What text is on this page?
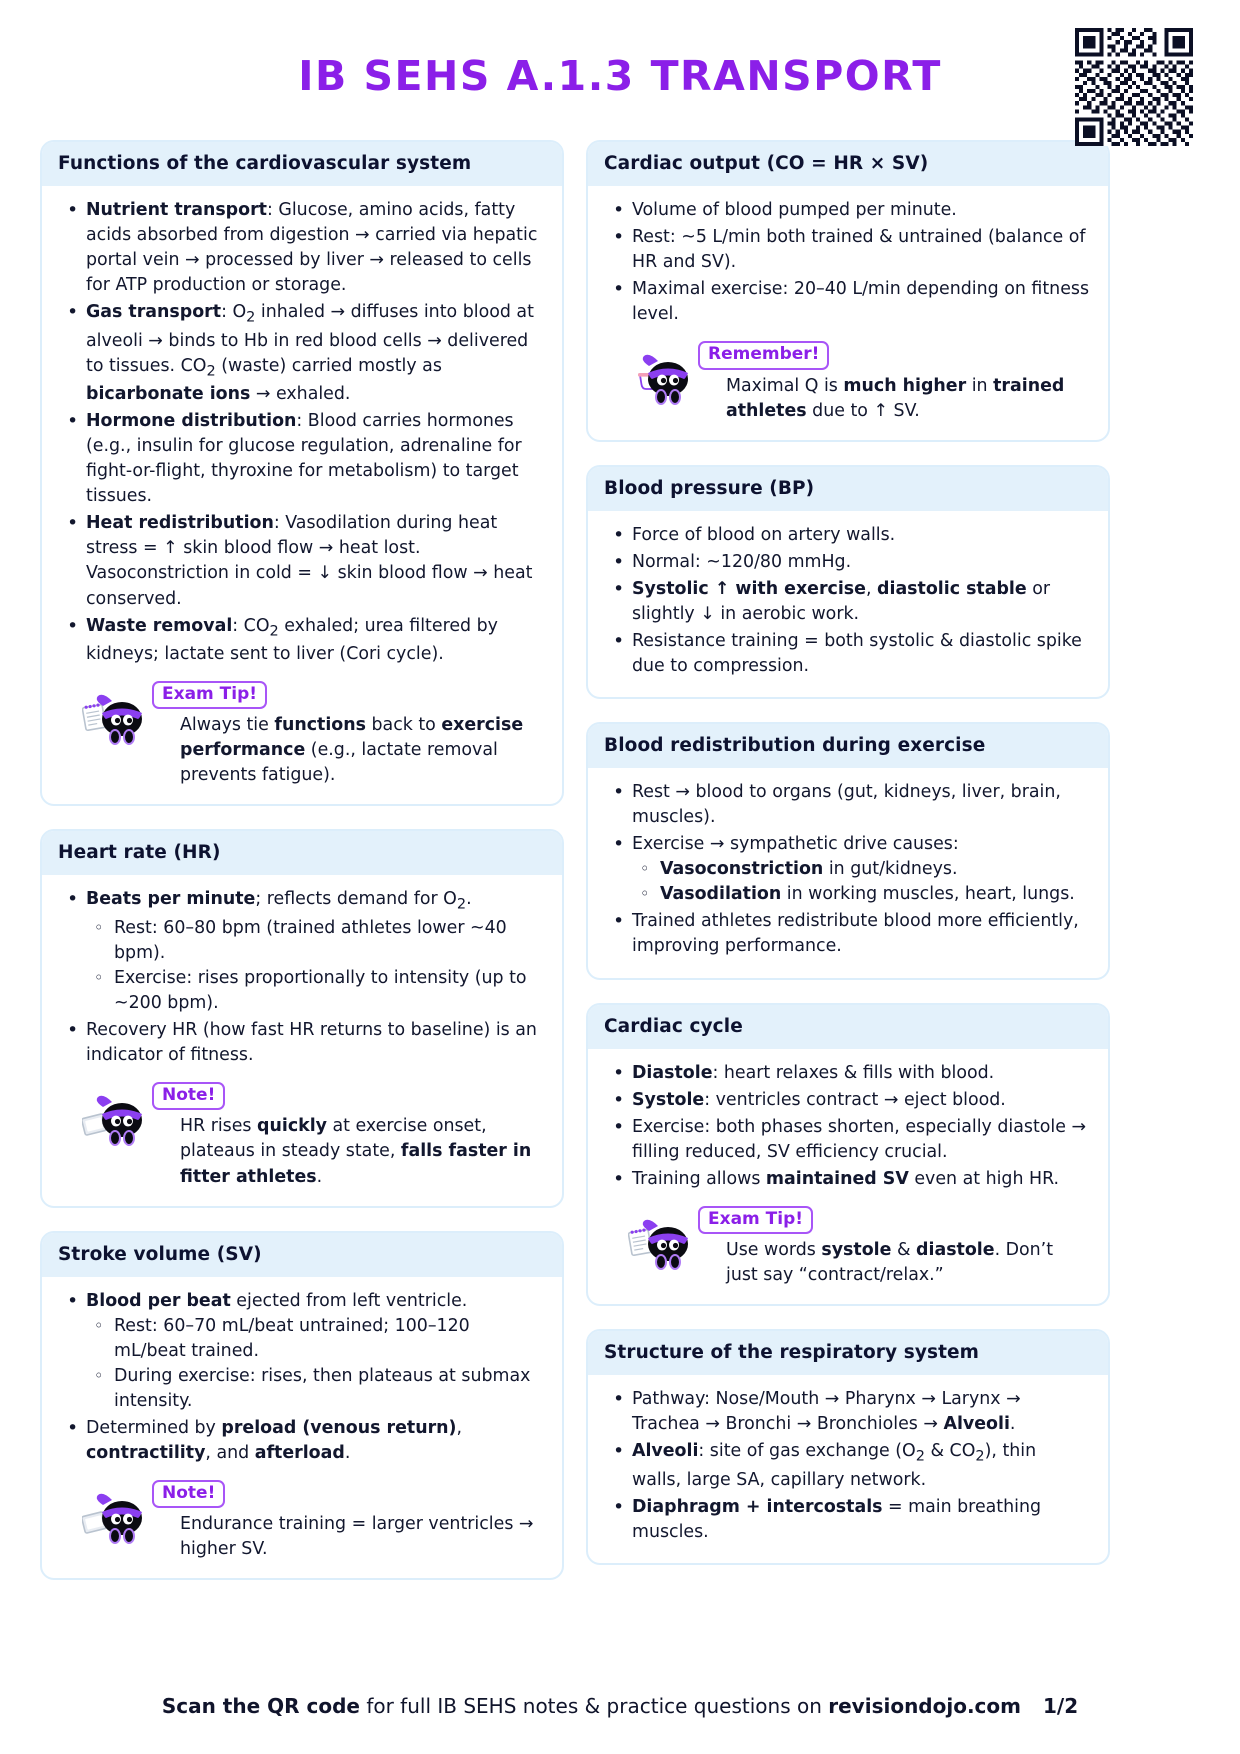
IB SEHS A.1.3 TRANSPORT
Functions of the cardiovascular system
• Nutrient transport: Glucose, amino acids, fatty acids absorbed from digestion → carried via hepatic portal vein → processed by liver → released to cells for ATP production or storage.
• Gas transport: $O_2$ inhaled → diffuses into blood at alveoli → binds to Hb in red blood cells → delivered to tissues. $CO_2$ (waste) carried mostly as bicarbonate ions → exhaled.
• Hormone distribution: Blood carries hormones (e.g., insulin for glucose regulation, adrenaline for fight-or-flight, thyroxine for metabolism) to target tissues.
• Heat redistribution: Vasodilation during heat stress = ↑ skin blood flow → heat lost. Vasoconstriction in cold = ↓ skin blood flow → heat conserved.
• Waste removal: $CO_2$ exhaled; urea filtered by kidneys; lactate sent to liver (Cori cycle).
Exam Tip!
Always tie functions back to exercise performance (e.g., lactate removal prevents fatigue).
Heart rate (HR)
• Beats per minute; reflects demand for $O_2$.
◦ Rest: 60–80 bpm (trained athletes lower ~40 bpm).
◦ Exercise: rises proportionally to intensity (up to ~200 bpm).
• Recovery HR (how fast HR returns to baseline) is an indicator of fitness.
Note!
HR rises quickly at exercise onset, plateaus in steady state, falls faster in fitter athletes.
Stroke volume (SV)
• Blood per beat ejected from left ventricle.
◦ Rest: 60–70 mL/beat untrained; 100–120 mL/beat trained.
◦ During exercise: rises, then plateaus at submax intensity.
• Determined by preload (venous return), contractility, and afterload.
Note!
Endurance training = larger ventricles → higher SV.
Cardiac output (CO = HR × SV)
• Volume of blood pumped per minute.
• Rest: ~5 L/min both trained & untrained (balance of HR and SV).
• Maximal exercise: 20–40 L/min depending on fitness level.
Remember!
Maximal Q is much higher in trained athletes due to ↑ SV.
Blood pressure (BP)
• Force of blood on artery walls.
• Normal: ~120/80 mmHg.
• Systolic ↑ with exercise, diastolic stable or slightly ↓ in aerobic work.
• Resistance training = both systolic & diastolic spike due to compression.
Blood redistribution during exercise
• Rest → blood to organs (gut, kidneys, liver, brain, muscles).
• Exercise → sympathetic drive causes:
◦ Vasoconstriction in gut/kidneys.
◦ Vasodilation in working muscles, heart, lungs.
• Trained athletes redistribute blood more efficiently, improving performance.
Cardiac cycle
• Diastole: heart relaxes & fills with blood.
• Systole: ventricles contract → eject blood.
• Exercise: both phases shorten, especially diastole → filling reduced, SV efficiency crucial.
• Training allows maintained SV even at high HR.
Exam Tip!
Use words systole & diastole. Don’t just say “contract/relax.”
Structure of the respiratory system
• Pathway: Nose/Mouth → Pharynx → Larynx → Trachea → Bronchi → Bronchioles → Alveoli.
• Alveoli: site of gas exchange ($O_2$ & $CO_2$), thin walls, large SA, capillary network.
• Diaphragm + intercostals = main breathing muscles.
Scan the QR code for full IB SEHS notes & practice questions on revisiondojo.com 1/2
